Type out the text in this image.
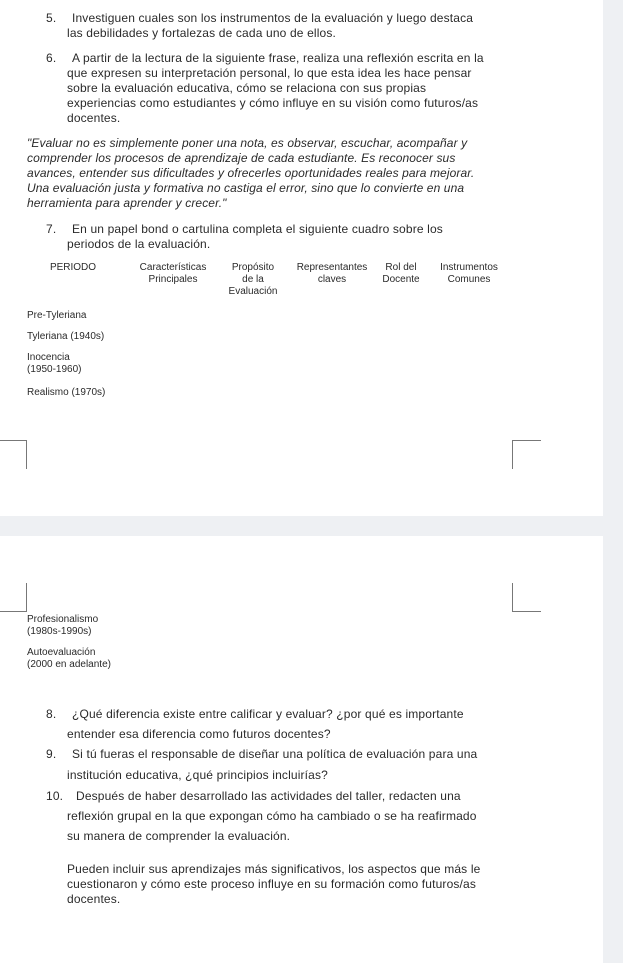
5. Investiguen cuales son los instrumentos de la evaluación y luego destaca
las debilidades y fortalezas de cada uno de ellos.
6. A partir de la lectura de la siguiente frase, realiza una reflexión escrita en la
que expresen su interpretación personal, lo que esta idea les hace pensar
sobre la evaluación educativa, cómo se relaciona con sus propias
experiencias como estudiantes y cómo influye en su visión como futuros/as
docentes.
"Evaluar no es simplemente poner una nota, es observar, escuchar, acompañar y
comprender los procesos de aprendizaje de cada estudiante. Es reconocer sus
avances, entender sus dificultades y ofrecerles oportunidades reales para mejorar.
Una evaluación justa y formativa no castiga el error, sino que lo convierte en una
herramienta para aprender y crecer."
7. En un papel bond o cartulina completa el siguiente cuadro sobre los
periodos de la evaluación.
PERIODO	Características
Principales
Propósito
de la
Evaluación
Representantes
claves
Rol del
Docente
Instrumentos
Comunes
Pre-Tyleriana
Tyleriana (1940s)
Inocencia
(1950-1960)
Realismo (1970s)
Profesionalismo
(1980s-1990s)
Autoevaluación
(2000 en adelante)
8. ¿Qué diferencia existe entre calificar y evaluar? ¿por qué es importante
entender esa diferencia como futuros docentes?
9. Si tú fueras el responsable de diseñar una política de evaluación para una
institución educativa, ¿qué principios incluirías?
10. Después de haber desarrollado las actividades del taller, redacten una
reflexión grupal en la que expongan cómo ha cambiado o se ha reafirmado
su manera de comprender la evaluación.
Pueden incluir sus aprendizajes más significativos, los aspectos que más le
cuestionaron y cómo este proceso influye en su formación como futuros/as
docentes.
